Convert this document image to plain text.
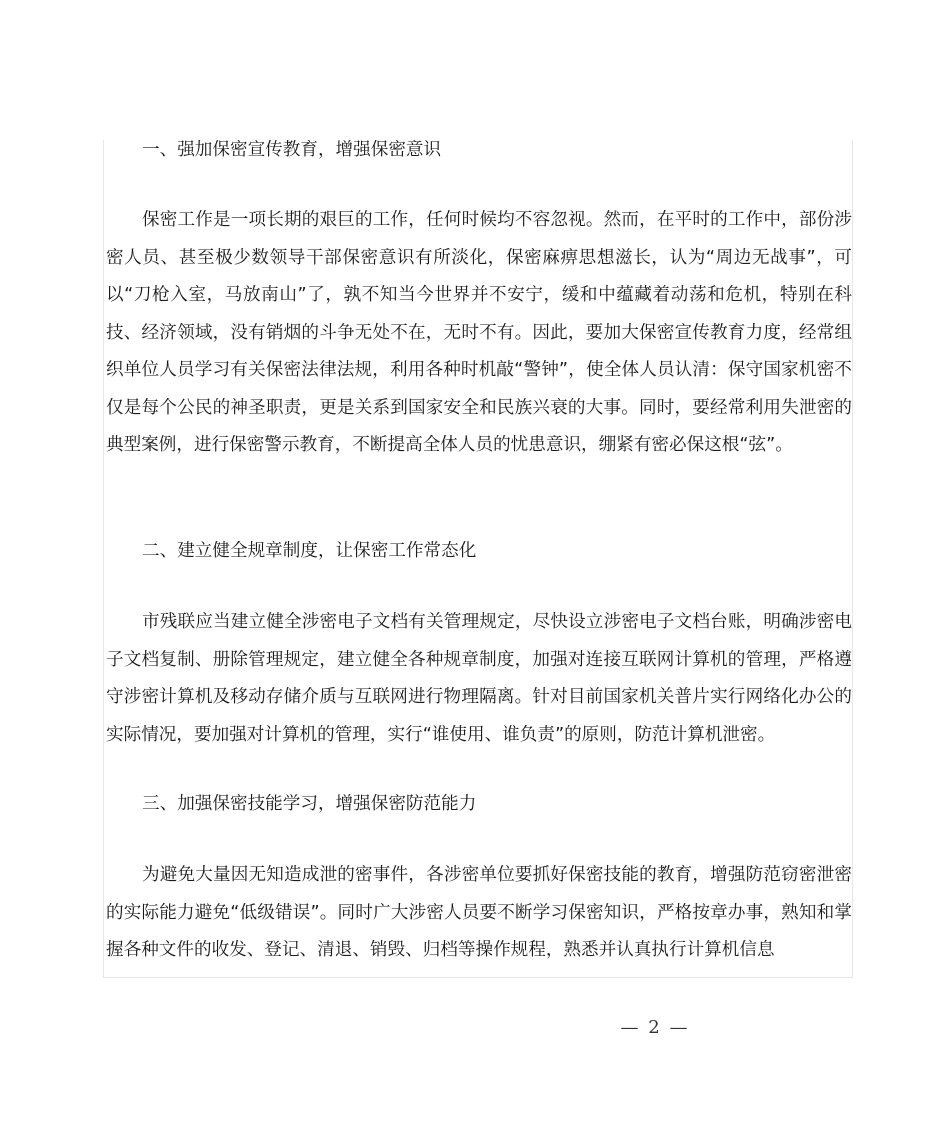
一、强加保密宣传教育，增强保密意识

保密工作是一项长期的艰巨的工作，任何时候均不容忽视。然而，在平时的工作中，部份涉密人员、甚至极少数领导干部保密意识有所淡化，保密麻痹思想滋长，认为“周边无战事”，可以“刀枪入室，马放南山”了，孰不知当今世界并不安宁，缓和中蕴藏着动荡和危机，特别在科技、经济领域，没有销烟的斗争无处不在，无时不有。因此，要加大保密宣传教育力度，经常组织单位人员学习有关保密法律法规，利用各种时机敲“警钟”，使全体人员认清：保守国家机密不仅是每个公民的神圣职责，更是关系到国家安全和民族兴衰的大事。同时，要经常利用失泄密的典型案例，进行保密警示教育，不断提高全体人员的忧患意识，绷紧有密必保这根“弦”。

二、建立健全规章制度，让保密工作常态化

市残联应当建立健全涉密电子文档有关管理规定，尽快设立涉密电子文档台账，明确涉密电子文档复制、册除管理规定，建立健全各种规章制度，加强对连接互联网计算机的管理，严格遵守涉密计算机及移动存储介质与互联网进行物理隔离。针对目前国家机关普片实行网络化办公的实际情况，要加强对计算机的管理，实行“谁使用、谁负责”的原则，防范计算机泄密。

三、加强保密技能学习，增强保密防范能力

为避免大量因无知造成泄的密事件，各涉密单位要抓好保密技能的教育，增强防范窃密泄密的实际能力避免“低级错误”。同时广大涉密人员要不断学习保密知识，严格按章办事，熟知和掌握各种文件的收发、登记、清退、销毁、归档等操作规程，熟悉并认真执行计算机信息

— 2 —
